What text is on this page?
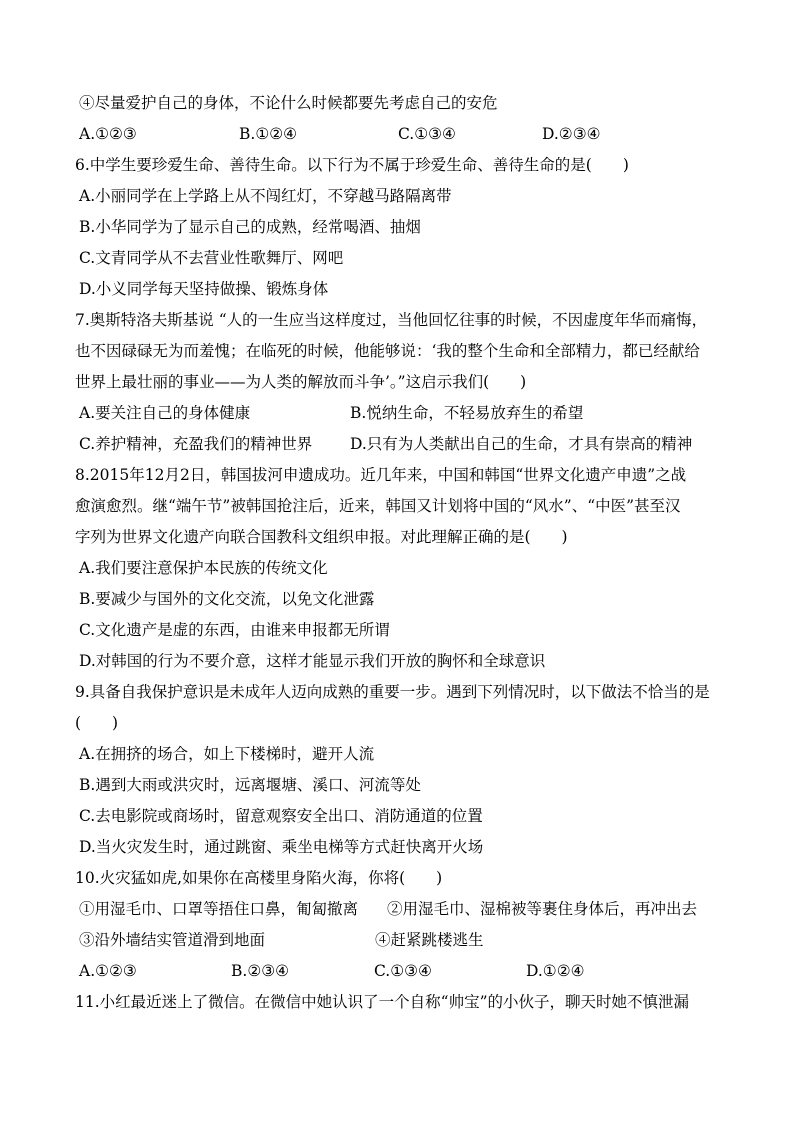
④尽量爱护自己的身体，不论什么时候都要先考虑自己的安危
A.①②③	B.①②④	C.①③④	D.②③④
6.中学生要珍爱生命、善待生命。以下行为不属于珍爱生命、善待生命的是(　　)
A.小丽同学在上学路上从不闯红灯，不穿越马路隔离带
B.小华同学为了显示自己的成熟，经常喝酒、抽烟
C.文青同学从不去营业性歌舞厅、网吧
D.小义同学每天坚持做操、锻炼身体
7.奥斯特洛夫斯基说 “人的一生应当这样度过，当他回忆往事的时候，不因虚度年华而痛悔，
也不因碌碌无为而羞愧；在临死的时候，他能够说：‘我的整个生命和全部精力，都已经献给
世界上最壮丽的事业——为人类的解放而斗争’。”这启示我们(　　)
A.要关注自己的身体健康	B.悦纳生命，不轻易放弃生的希望
C.养护精神，充盈我们的精神世界 D.只有为人类献出自己的生命，才具有崇高的精神
8.2015年12月2日，韩国拔河申遗成功。近几年来，中国和韩国“世界文化遗产申遗”之战
愈演愈烈。继“端午节”被韩国抢注后，近来，韩国又计划将中国的“风水”、“中医”甚至汉
字列为世界文化遗产向联合国教科文组织申报。对此理解正确的是(　　)
A.我们要注意保护本民族的传统文化
B.要减少与国外的文化交流，以免文化泄露
C.文化遗产是虚的东西，由谁来申报都无所谓
D.对韩国的行为不要介意，这样才能显示我们开放的胸怀和全球意识
9.具备自我保护意识是未成年人迈向成熟的重要一步。遇到下列情况时，以下做法不恰当的是
(　　)
A.在拥挤的场合，如上下楼梯时，避开人流
B.遇到大雨或洪灾时，远离堰塘、溪口、河流等处
C.去电影院或商场时，留意观察安全出口、消防通道的位置
D.当火灾发生时，通过跳窗、乘坐电梯等方式赶快离开火场
10.火灾猛如虎,如果你在高楼里身陷火海，你将(　　)
①用湿毛巾、口罩等捂住口鼻，匍匐撤离 ②用湿毛巾、湿棉被等裹住身体后，再冲出去
③沿外墙结实管道滑到地面	④赶紧跳楼逃生
A.①②③	B.②③④	C.①③④	D.①②④
11.小红最近迷上了微信。在微信中她认识了一个自称“帅宝”的小伙子，聊天时她不慎泄漏
